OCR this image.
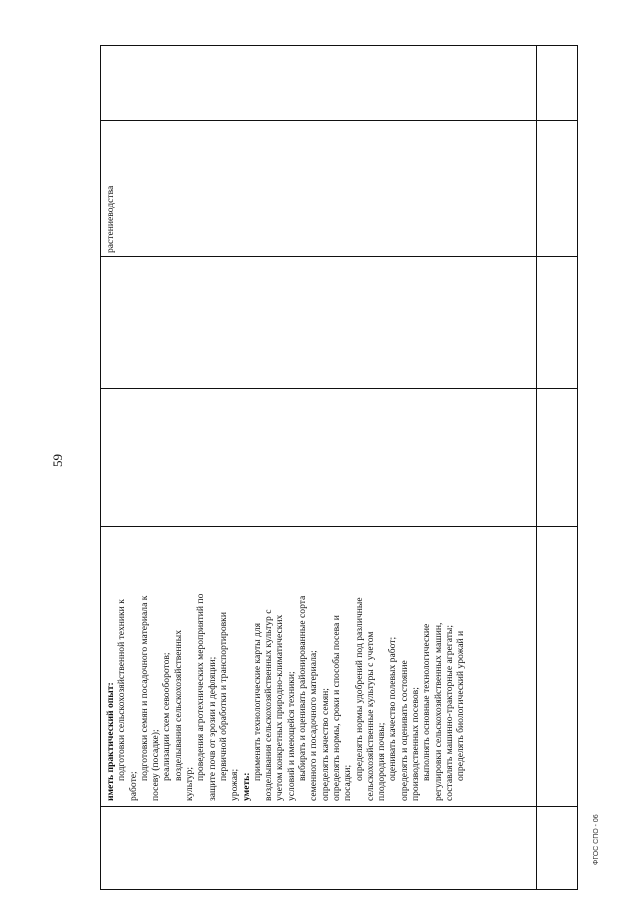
59

иметь практический опыт: подготовки сельскохозяйственной техники к

работе;

подготовки семян и посадочного материала к посеву (посадке); реализации схем севооборотов; возделывания сельскохозяйственных

культур;

проведения агротехнических мероприятий по защите почв от эрозии и дефляции; первичной обработки и транспортировки

урожая; уметь:

применять технологические карты для возделывания сельскохозяйственных культур с учетом конкретных природно-климатических условий и имеющейся техники; выбирать и оценивать районированные сорта семенного и посадочного материала; определять качество семян; определять нормы, сроки и способы посева и посадки;

определять нормы удобрений под различные сельскохозяйственные культуры с учетом плодородия почвы; оценивать качество полевых работ; определять и оценивать состояние производственных посевов; выполнять основные технологические регулировки сельскохозяйственных машин, составлять машинно-тракторные агрегаты; определять биологический урожай и

растениеводства
ФГОС СПО - 06
